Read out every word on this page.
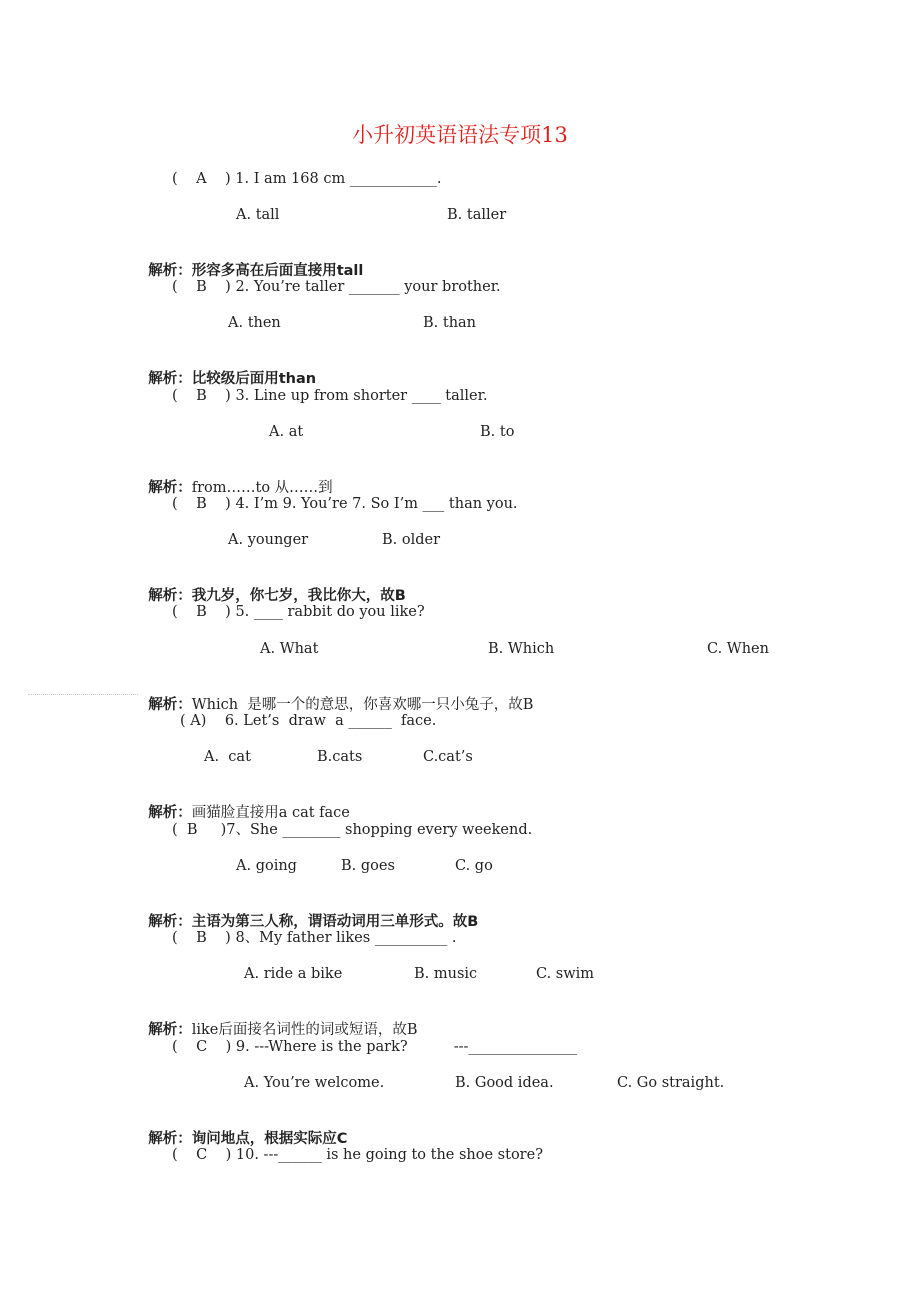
小升初英语语法专项13
(    A    ) 1. I am 168 cm ____________.
A. tall	B. taller

解析：形容多高在后面直接用tall

(    B    ) 2. You’re taller _______ your brother.
A. then	B. than

解析：比较级后面用than

(    B    ) 3. Line up from shorter ____ taller.
A. at	B. to

解析：from……to 从……到

(    B    ) 4. I’m 9. You’re 7. So I’m ___ than you.
A. younger	B. older

解析：我九岁，你七岁，我比你大，故B

(    B    ) 5. ____ rabbit do you like?
A. What	B. Which	C. When

解析：Which  是哪一个的意思，你喜欢哪一只小兔子，故B

( A)    6. Let’s  draw  a ______  face.
A.  cat	B.cats	C.cat’s

解析：画猫脸直接用a cat face

(  B     )7、She ________ shopping every weekend.
A. going	B. goes	C. go

解析：主语为第三人称，谓语动词用三单形式。故B

(    B    ) 8、My father likes __________ .
A. ride a bike	B. music	C. swim

解析：like后面接名词性的词或短语，故B

(    C    ) 9. ---Where is the park?          ---_______________
A. You’re welcome.	B. Good idea.	C. Go straight.

解析：询问地点，根据实际应C

(    C    ) 10. ---______ is he going to the shoe store?
